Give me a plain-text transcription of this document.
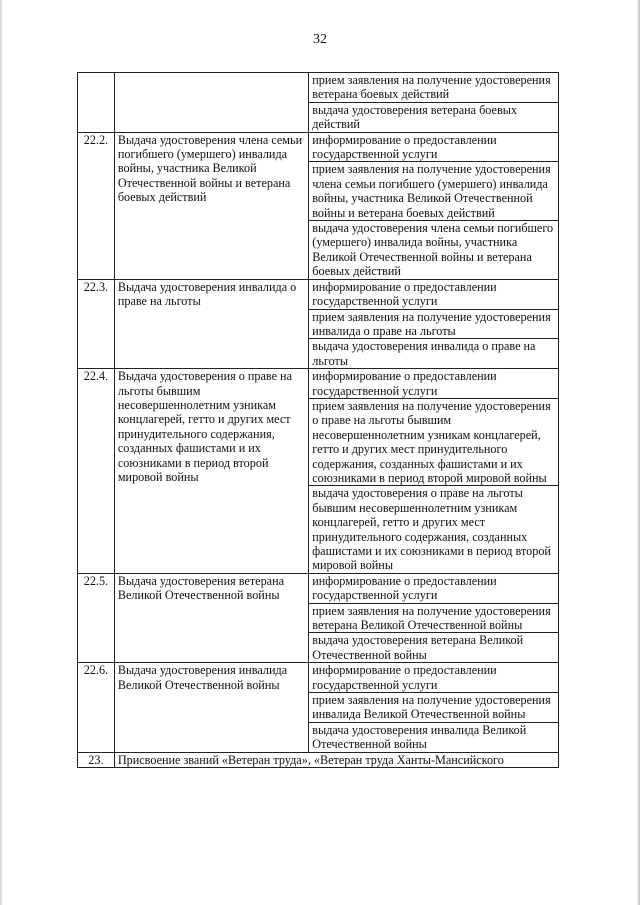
32
		прием заявления на получение удостоверения ветерана боевых действий
		выдача удостоверения ветерана боевых действий
22.2.	Выдача удостоверения члена семьи погибшего (умершего) инвалида войны, участника Великой Отечественной войны и ветерана боевых действий	информирование о предоставлении государственной услуги
		прием заявления на получение удостоверения члена семьи погибшего (умершего) инвалида войны, участника Великой Отечественной войны и ветерана боевых действий
		выдача удостоверения члена семьи погибшего (умершего) инвалида войны, участника Великой Отечественной войны и ветерана боевых действий
22.3.	Выдача удостоверения инвалида о праве на льготы	информирование о предоставлении государственной услуги
		прием заявления на получение удостоверения инвалида о праве на льготы
		выдача удостоверения инвалида о праве на льготы
22.4.	Выдача удостоверения о праве на льготы бывшим несовершеннолетним узникам концлагерей, гетто и других мест принудительного содержания, созданных фашистами и их союзниками в период второй мировой войны	информирование о предоставлении государственной услуги
		прием заявления на получение удостоверения о праве на льготы бывшим несовершеннолетним узникам концлагерей, гетто и других мест принудительного содержания, созданных фашистами и их союзниками в период второй мировой войны
		выдача удостоверения о праве на льготы бывшим несовершеннолетним узникам концлагерей, гетто и других мест принудительного содержания, созданных фашистами и их союзниками в период второй мировой войны
22.5.	Выдача удостоверения ветерана Великой Отечественной войны	информирование о предоставлении государственной услуги
		прием заявления на получение удостоверения ветерана Великой Отечественной войны
		выдача удостоверения ветерана Великой Отечественной войны
22.6.	Выдача удостоверения инвалида Великой Отечественной войны	информирование о предоставлении государственной услуги
		прием заявления на получение удостоверения инвалида Великой Отечественной войны
		выдача удостоверения инвалида Великой Отечественной войны
23.	Присвоение званий «Ветеран труда», «Ветеран труда Ханты-Мансийского	
